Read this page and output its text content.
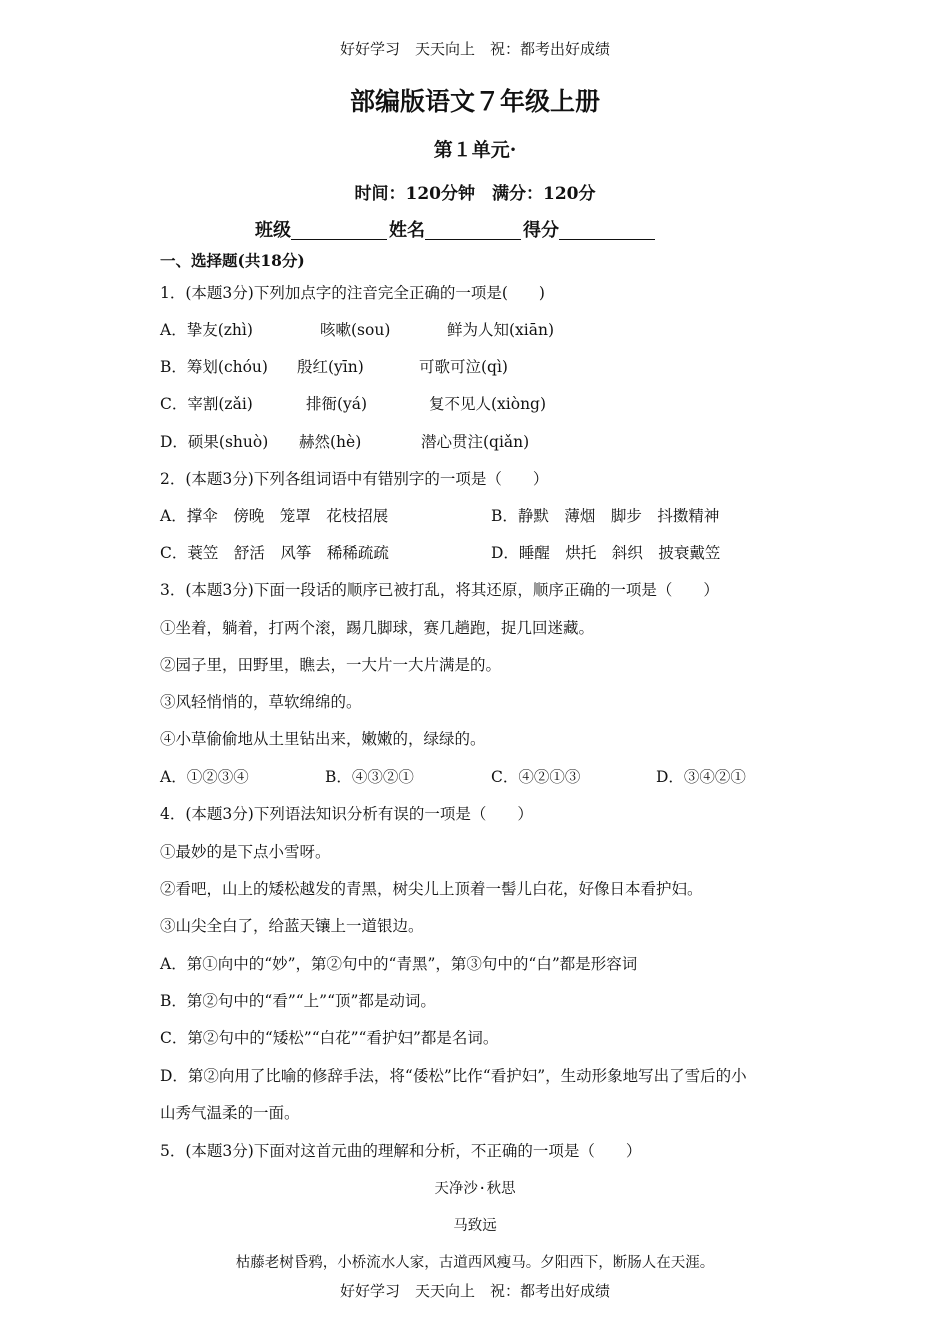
好好学习　天天向上　祝：都考出好成绩
部编版语文７年级上册
第１单元·
时间：120分钟　满分：120分
班级	姓名	得分
一、选择题(共18分)
1．(本题3分)下列加点字的注音完全正确的一项是(　　)
A．挚友(zhì)	咳嗽(sou)	鲜为人知(xiān)
B．筹划(chóu) 殷红(yīn)	可歌可泣(qì)
C．宰割(zǎi)	排衙(yá)	复不见人(xiòng)
D．硕果(shuò) 赫然(hè)	潜心贯注(qiǎn)
2．(本题3分)下列各组词语中有错别字的一项是（　　）
A．撑伞　傍晚　笼罩　花枝招展	B．静默　薄烟　脚步　抖擞精神
C．蓑笠　舒活　风筝　稀稀疏疏	D．睡醒　烘托　斜织　披衰戴笠
3．(本题3分)下面一段话的顺序已被打乱，将其还原，顺序正确的一项是（　　）
①坐着，躺着，打两个滚，踢几脚球，赛几趟跑，捉几回迷藏。
②园子里，田野里，瞧去，一大片一大片满是的。
③风轻悄悄的，草软绵绵的。
④小草偷偷地从土里钻出来，嫩嫩的，绿绿的。
A．①②③④	B．④③②①	C．④②①③	D．③④②①
4．(本题3分)下列语法知识分析有误的一项是（　　）
①最妙的是下点小雪呀。
②看吧，山上的矮松越发的青黑，树尖儿上顶着一髻儿白花，好像日本看护妇。
③山尖全白了，给蓝天镶上一道银边。
A．第①向中的“妙”，第②句中的“青黑”，第③句中的“白”都是形容词
B．第②句中的“看”“上”“顶”都是动词。
C．第②句中的“矮松”“白花”“看护妇”都是名词。
D．第②向用了比喻的修辞手法，将“倭松”比作“看护妇”，生动形象地写出了雪后的小
山秀气温柔的一面。
5．(本题3分)下面对这首元曲的理解和分析，不正确的一项是（　　）
天净沙·秋思
马致远
枯藤老树昏鸦，小桥流水人家，古道西风瘦马。夕阳西下，断肠人在天涯。
好好学习　天天向上　祝：都考出好成绩
